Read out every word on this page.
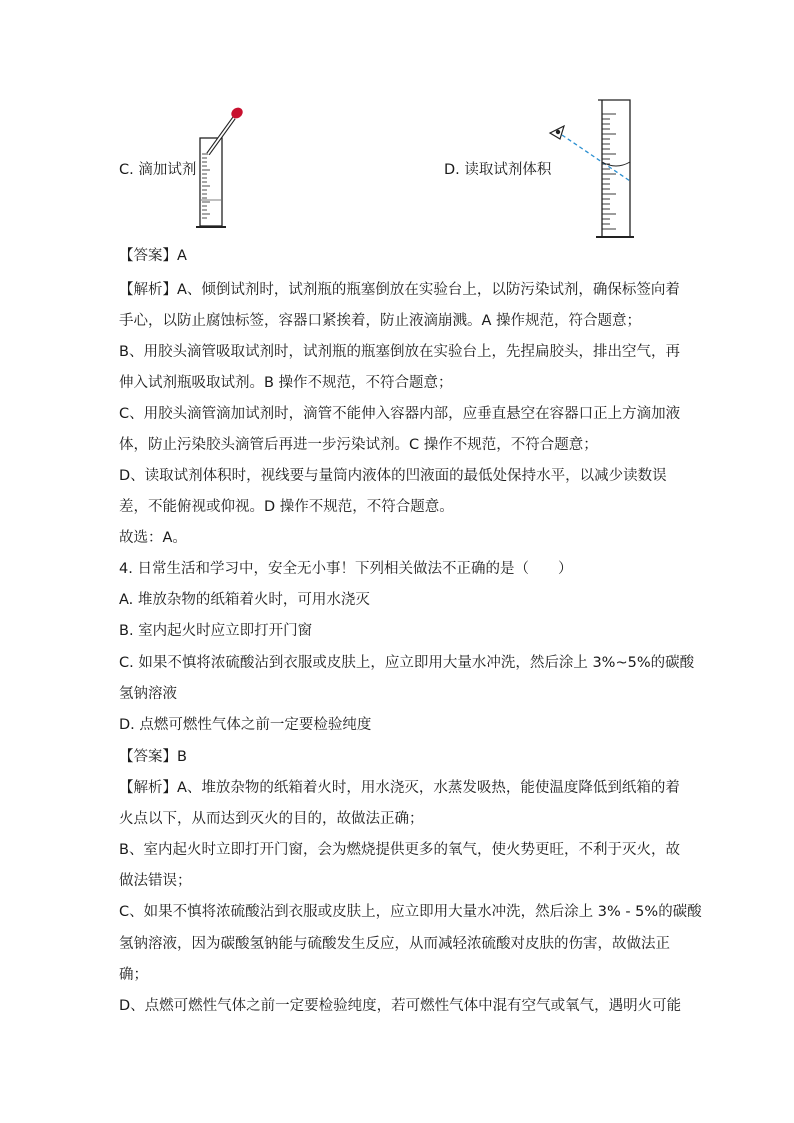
C. 滴加试剂	D. 读取试剂体积
【答案】A
【解析】A、倾倒试剂时，试剂瓶的瓶塞倒放在实验台上，以防污染试剂，确保标签向着
手心，以防止腐蚀标签，容器口紧挨着，防止液滴崩溅。A 操作规范，符合题意；
B、用胶头滴管吸取试剂时，试剂瓶的瓶塞倒放在实验台上，先捏扁胶头，排出空气，再
伸入试剂瓶吸取试剂。B 操作不规范，不符合题意；
C、用胶头滴管滴加试剂时，滴管不能伸入容器内部，应垂直悬空在容器口正上方滴加液
体，防止污染胶头滴管后再进一步污染试剂。C 操作不规范，不符合题意；
D、读取试剂体积时，视线要与量筒内液体的凹液面的最低处保持水平，以减少读数误
差，不能俯视或仰视。D 操作不规范，不符合题意。
故选：A。
4. 日常生活和学习中，安全无小事！下列相关做法不正确的是（　　）
A. 堆放杂物的纸箱着火时，可用水浇灭
B. 室内起火时应立即打开门窗
C. 如果不慎将浓硫酸沾到衣服或皮肤上，应立即用大量水冲洗，然后涂上 3%~5%的碳酸
氢钠溶液
D. 点燃可燃性气体之前一定要检验纯度
【答案】B
【解析】A、堆放杂物的纸箱着火时，用水浇灭，水蒸发吸热，能使温度降低到纸箱的着
火点以下，从而达到灭火的目的，故做法正确；
B、室内起火时立即打开门窗，会为燃烧提供更多的氧气，使火势更旺，不利于灭火，故
做法错误；
C、如果不慎将浓硫酸沾到衣服或皮肤上，应立即用大量水冲洗，然后涂上 3% - 5%的碳酸
氢钠溶液，因为碳酸氢钠能与硫酸发生反应，从而减轻浓硫酸对皮肤的伤害，故做法正
确；
D、点燃可燃性气体之前一定要检验纯度，若可燃性气体中混有空气或氧气，遇明火可能
